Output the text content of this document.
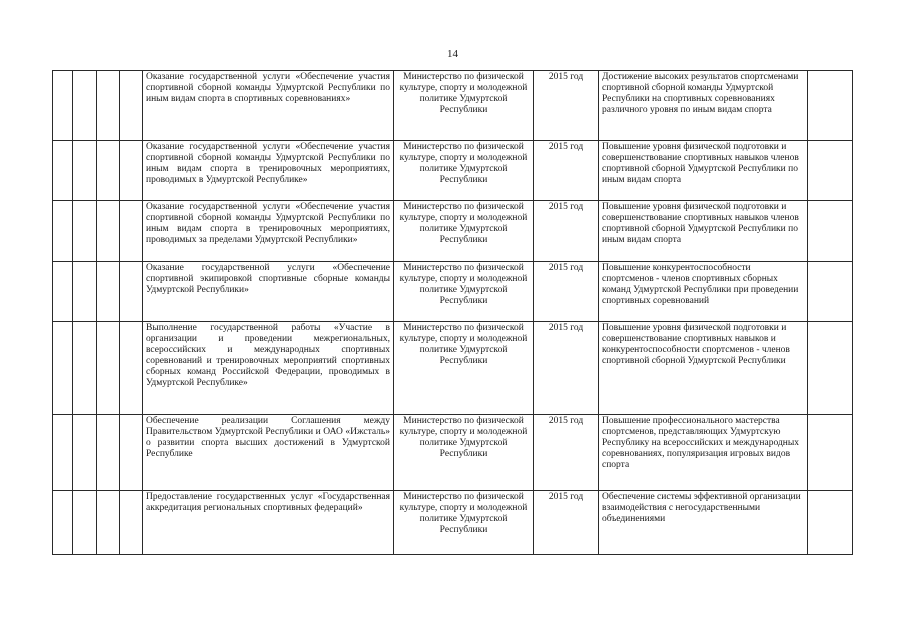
14
				Оказание государственной услуги «Обеспечение участия спортивной сборной команды Удмуртской Республики по иным видам спорта в спортивных соревнованиях»	Министерство по физической культуре, спорту и молодежной политике Удмуртской Республики	2015 год	Достижение высоких результатов спортсменами спортивной сборной команды Удмуртской Республики на спортивных соревнованиях различного уровня по иным видам спорта	
				Оказание государственной услуги «Обеспечение участия спортивной сборной команды Удмуртской Республики по иным видам спорта в тренировочных мероприятиях, проводимых в Удмуртской Республике»	Министерство по физической культуре, спорту и молодежной политике Удмуртской Республики	2015 год	Повышение уровня физической подготовки и совершенствование спортивных навыков членов спортивной сборной Удмуртской Республики по иным видам спорта	
				Оказание государственной услуги «Обеспечение участия спортивной сборной команды Удмуртской Республики по иным видам спорта в тренировочных мероприятиях, проводимых за пределами Удмуртской Республики»	Министерство по физической культуре, спорту и молодежной политике Удмуртской Республики	2015 год	Повышение уровня физической подготовки и совершенствование спортивных навыков членов спортивной сборной Удмуртской Республики по иным видам спорта	
				Оказание государственной услуги «Обеспечение спортивной экипировкой спортивные сборные команды Удмуртской Республики»	Министерство по физической культуре, спорту и молодежной политике Удмуртской Республики	2015 год	Повышение конкурентоспособности спортсменов - членов спортивных сборных команд Удмуртской Республики при проведении спортивных соревнований	
				Выполнение государственной работы «Участие в организации и проведении межрегиональных, всероссийских и международных спортивных соревнований и тренировочных мероприятий спортивных сборных команд Российской Федерации, проводимых в Удмуртской Республике»	Министерство по физической культуре, спорту и молодежной политике Удмуртской Республики	2015 год	Повышение уровня физической подготовки и совершенствование спортивных навыков и конкурентоспособности спортсменов - членов спортивной сборной Удмуртской Республики	
				Обеспечение реализации Соглашения между Правительством Удмуртской Республики и ОАО «Ижсталь» о развитии спорта высших достижений в Удмуртской Республике	Министерство по физической культуре, спорту и молодежной политике Удмуртской Республики	2015 год	Повышение профессионального мастерства спортсменов, представляющих Удмуртскую Республику на всероссийских и международных соревнованиях, популяризация игровых видов спорта	
				Предоставление государственных услуг «Государственная аккредитация региональных спортивных федераций»	Министерство по физической культуре, спорту и молодежной политике Удмуртской Республики	2015 год	Обеспечение системы эффективной организации взаимодействия с негосударственными объединениями	
